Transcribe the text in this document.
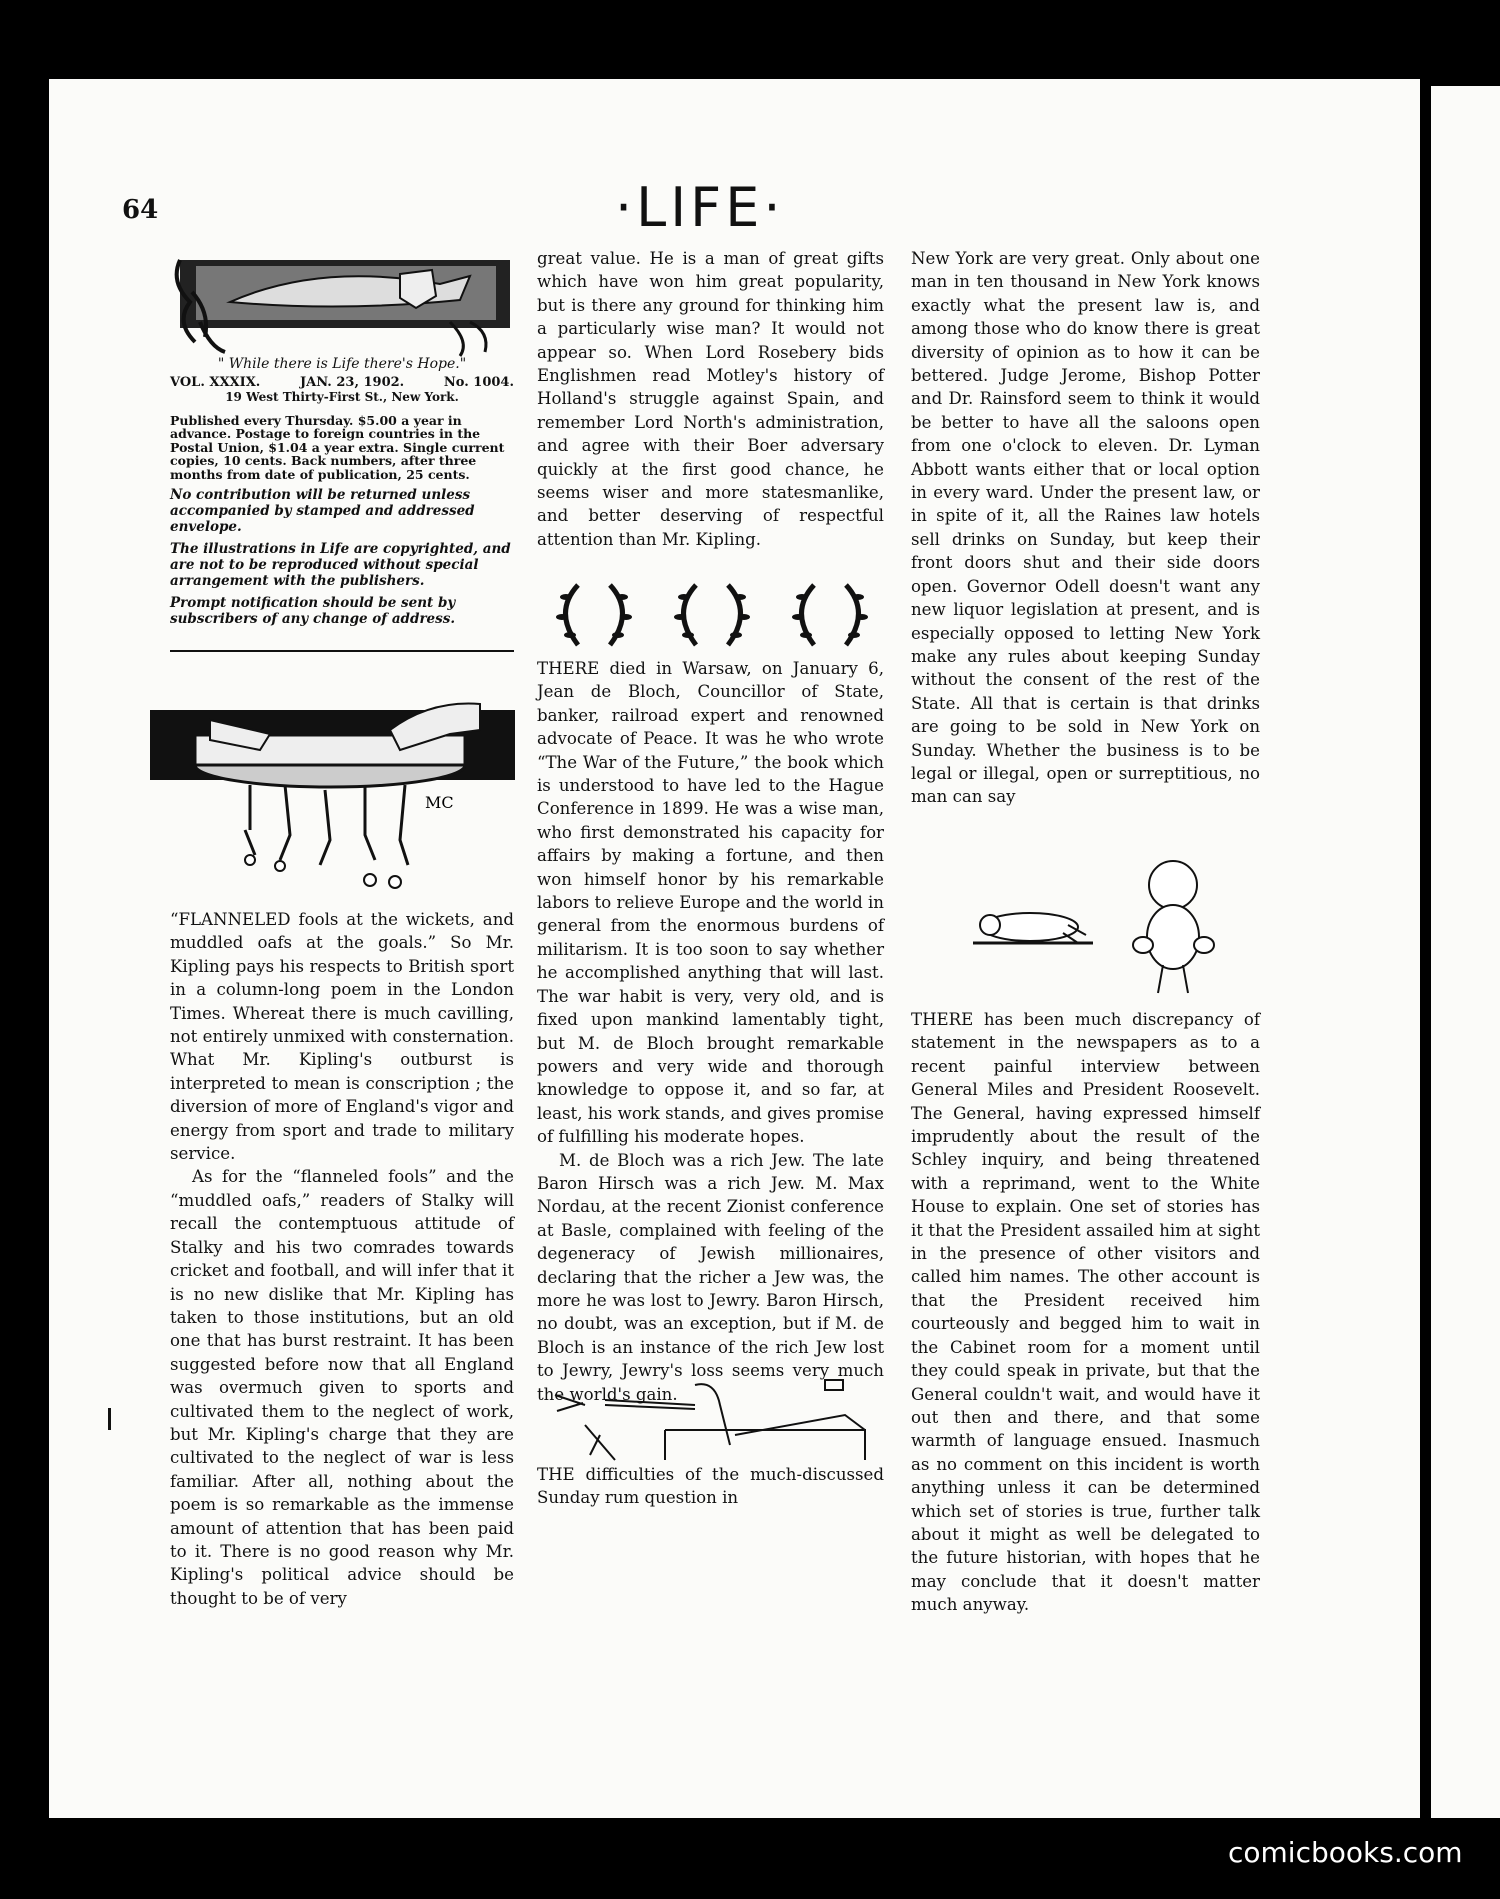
64	·LIFE·
" While there is Life there's Hope."
VOL. XXXIX.	JAN. 23, 1902.	No. 1004.
19 West Thirty-First St., New York.
Published every Thursday. $5.00 a year in advance. Postage to foreign countries in the Postal Union, $1.04 a year extra. Single current copies, 10 cents. Back numbers, after three months from date of publication, 25 cents.
No contribution will be returned unless accompanied by stamped and addressed envelope.
The illustrations in Life are copyrighted, and are not to be reproduced without special arrangement with the publishers.
Prompt notification should be sent by subscribers of any change of address.
MC

“FLANNELED fools at the wickets, and muddled oafs at the goals.” So Mr. Kipling pays his respects to British sport in a column-long poem in the London Times. Whereat there is much cavilling, not entirely unmixed with consternation. What Mr. Kipling's outburst is interpreted to mean is conscription ; the diversion of more of England's vigor and energy from sport and trade to military service.

As for the “flanneled fools” and the “muddled oafs,” readers of Stalky will recall the contemptuous attitude of Stalky and his two comrades towards cricket and football, and will infer that it is no new dislike that Mr. Kipling has taken to those institutions, but an old one that has burst restraint. It has been suggested before now that all England was overmuch given to sports and cultivated them to the neglect of work, but Mr. Kipling's charge that they are cultivated to the neglect of war is less familiar. After all, nothing about the poem is so remarkable as the immense amount of attention that has been paid to it. There is no good reason why Mr. Kipling's political advice should be thought to be of very

great value. He is a man of great gifts which have won him great popularity, but is there any ground for thinking him a particularly wise man? It would not appear so. When Lord Rosebery bids Englishmen read Motley's history of Holland's struggle against Spain, and remember Lord North's administration, and agree with their Boer adversary quickly at the first good chance, he seems wiser and more statesmanlike, and better deserving of respectful attention than Mr. Kipling.

THERE died in Warsaw, on January 6, Jean de Bloch, Councillor of State, banker, railroad expert and renowned advocate of Peace. It was he who wrote “The War of the Future,” the book which is understood to have led to the Hague Conference in 1899. He was a wise man, who first demonstrated his capacity for affairs by making a fortune, and then won himself honor by his remarkable labors to relieve Europe and the world in general from the enormous burdens of militarism. It is too soon to say whether he accomplished anything that will last. The war habit is very, very old, and is fixed upon mankind lamentably tight, but M. de Bloch brought remarkable powers and very wide and thorough knowledge to oppose it, and so far, at least, his work stands, and gives promise of fulfilling his moderate hopes.

M. de Bloch was a rich Jew. The late Baron Hirsch was a rich Jew. M. Max Nordau, at the recent Zionist conference at Basle, complained with feeling of the degeneracy of Jewish millionaires, declaring that the richer a Jew was, the more he was lost to Jewry. Baron Hirsch, no doubt, was an exception, but if M. de Bloch is an instance of the rich Jew lost to Jewry, Jewry's loss seems very much the world's gain.

THE difficulties of the much-discussed Sunday rum question in

New York are very great. Only about one man in ten thousand in New York knows exactly what the present law is, and among those who do know there is great diversity of opinion as to how it can be bettered. Judge Jerome, Bishop Potter and Dr. Rainsford seem to think it would be better to have all the saloons open from one o'clock to eleven. Dr. Lyman Abbott wants either that or local option in every ward. Under the present law, or in spite of it, all the Raines law hotels sell drinks on Sunday, but keep their front doors shut and their side doors open. Governor Odell doesn't want any new liquor legislation at present, and is especially opposed to letting New York make any rules about keeping Sunday without the consent of the rest of the State. All that is certain is that drinks are going to be sold in New York on Sunday. Whether the business is to be legal or illegal, open or surreptitious, no man can say

THERE has been much discrepancy of statement in the newspapers as to a recent painful interview between General Miles and President Roosevelt. The General, having expressed himself imprudently about the result of the Schley inquiry, and being threatened with a reprimand, went to the White House to explain. One set of stories has it that the President assailed him at sight in the presence of other visitors and called him names. The other account is that the President received him courteously and begged him to wait in the Cabinet room for a moment until they could speak in private, but that the General couldn't wait, and would have it out then and there, and that some warmth of language ensued. Inasmuch as no comment on this incident is worth anything unless it can be determined which set of stories is true, further talk about it might as well be delegated to the future historian, with hopes that he may conclude that it doesn't matter much anyway.

comicbooks.com
